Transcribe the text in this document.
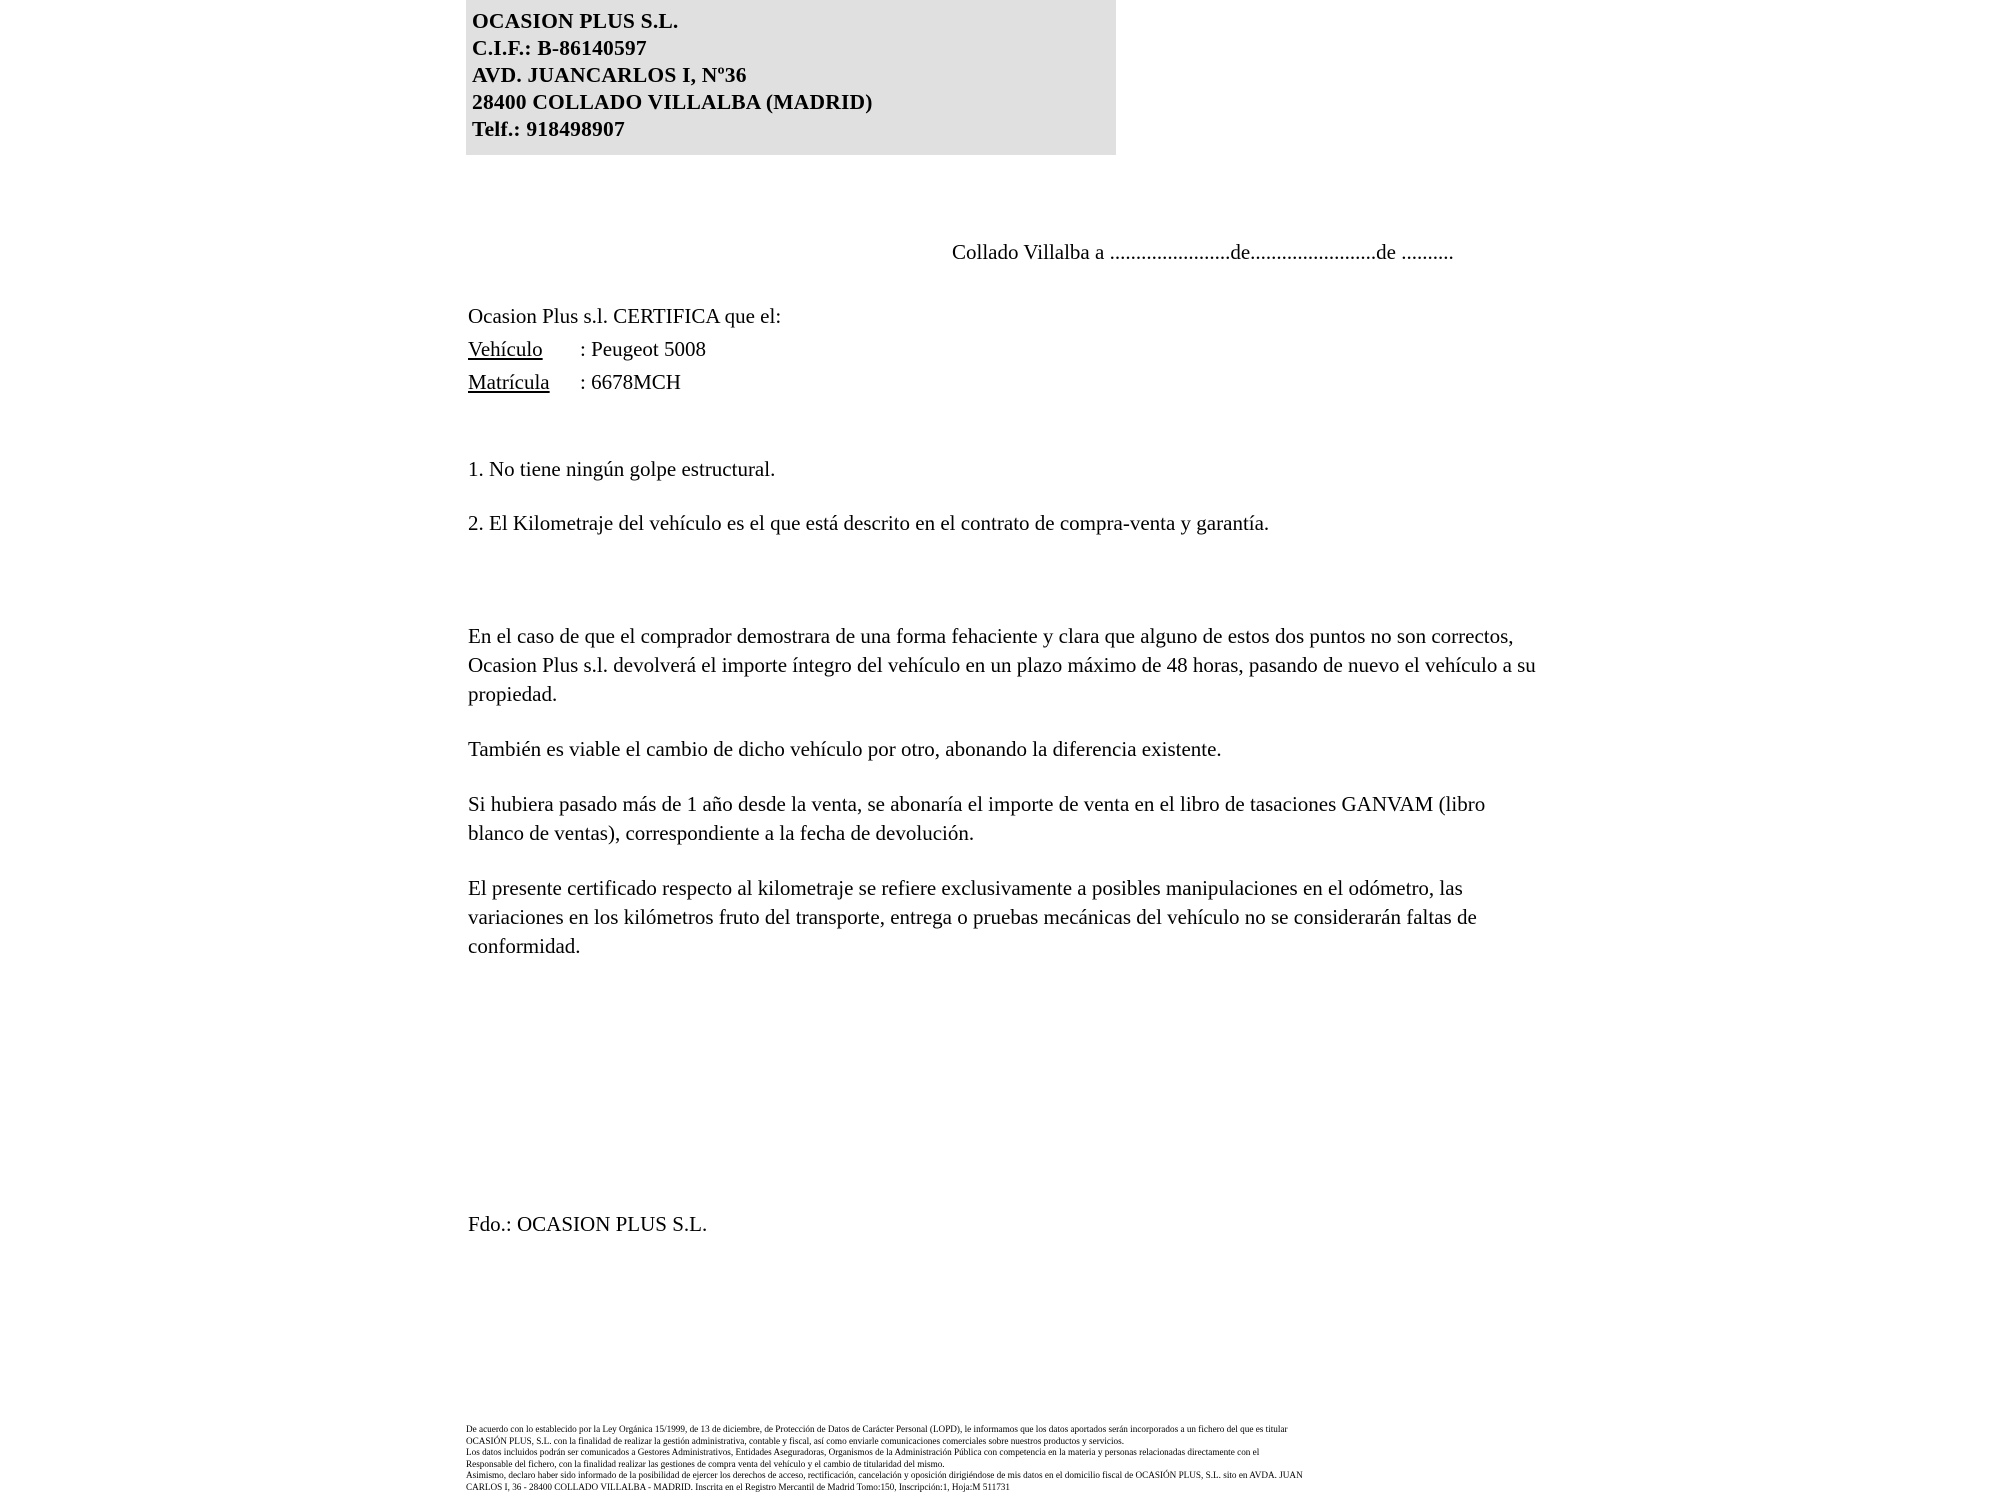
OCASION PLUS S.L.
C.I.F.: B-86140597
AVD. JUANCARLOS I, Nº36
28400 COLLADO VILLALBA (MADRID)
Telf.: 918498907
Collado Villalba a .......................de........................de ..........
Ocasion Plus s.l. CERTIFICA que el:
Vehículo : Peugeot 5008
Matrícula : 6678MCH
1. No tiene ningún golpe estructural.
2. El Kilometraje del vehículo es el que está descrito en el contrato de compra-venta y garantía.

En el caso de que el comprador demostrara de una forma fehaciente y clara que alguno de estos dos puntos no son correctos, Ocasion Plus s.l. devolverá el importe íntegro del vehículo en un plazo máximo de 48 horas, pasando de nuevo el vehículo a su propiedad.

También es viable el cambio de dicho vehículo por otro, abonando la diferencia existente.

Si hubiera pasado más de 1 año desde la venta, se abonaría el importe de venta en el libro de tasaciones GANVAM (libro blanco de ventas), correspondiente a la fecha de devolución.

El presente certificado respecto al kilometraje se refiere exclusivamente a posibles manipulaciones en el odómetro, las variaciones en los kilómetros fruto del transporte, entrega o pruebas mecánicas del vehículo no se considerarán faltas de conformidad.

Fdo.: OCASION PLUS S.L.

De acuerdo con lo establecido por la Ley Orgánica 15/1999, de 13 de diciembre, de Protección de Datos de Carácter Personal (LOPD), le informamos que los datos aportados serán incorporados a un fichero del que es titular

OCASIÓN PLUS, S.L. con la finalidad de realizar la gestión administrativa, contable y fiscal, así como enviarle comunicaciones comerciales sobre nuestros productos y servicios.

Los datos incluidos podrán ser comunicados a Gestores Administrativos, Entidades Aseguradoras, Organismos de la Administración Pública con competencia en la materia y personas relacionadas directamente con el

Responsable del fichero, con la finalidad realizar las gestiones de compra venta del vehículo y el cambio de titularidad del mismo.

Asimismo, declaro haber sido informado de la posibilidad de ejercer los derechos de acceso, rectificación, cancelación y oposición dirigiéndose de mis datos en el domicilio fiscal de OCASIÓN PLUS, S.L. sito en AVDA. JUAN

CARLOS I, 36 - 28400 COLLADO VILLALBA - MADRID. Inscrita en el Registro Mercantil de Madrid Tomo:150, Inscripción:1, Hoja:M 511731
